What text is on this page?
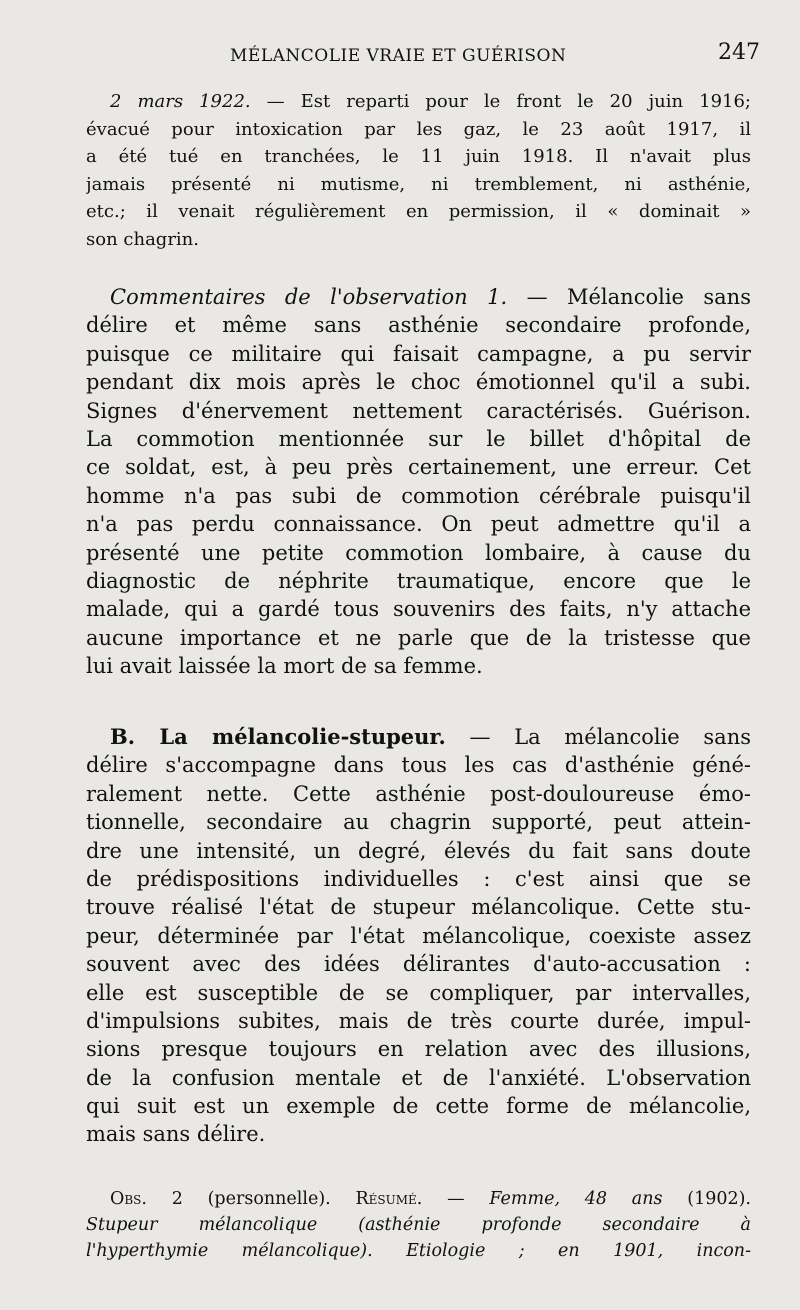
MÉLANCOLIE VRAIE ET GUÉRISON	247
2 mars 1922. — Est reparti pour le front le 20 juin 1916;
évacué pour intoxication par les gaz, le 23 août 1917, il
a été tué en tranchées, le 11 juin 1918. Il n'avait plus
jamais présenté ni mutisme, ni tremblement, ni asthénie,
etc.; il venait régulièrement en permission, il « dominait »
son chagrin.
Commentaires de l'observation 1. — Mélancolie sans
délire et même sans asthénie secondaire profonde,
puisque ce militaire qui faisait campagne, a pu servir
pendant dix mois après le choc émotionnel qu'il a subi.
Signes d'énervement nettement caractérisés. Guérison.
La commotion mentionnée sur le billet d'hôpital de
ce soldat, est, à peu près certainement, une erreur. Cet
homme n'a pas subi de commotion cérébrale puisqu'il
n'a pas perdu connaissance. On peut admettre qu'il a
présenté une petite commotion lombaire, à cause du
diagnostic de néphrite traumatique, encore que le
malade, qui a gardé tous souvenirs des faits, n'y attache
aucune importance et ne parle que de la tristesse que
lui avait laissée la mort de sa femme.
B. La mélancolie-stupeur. — La mélancolie sans
délire s'accompagne dans tous les cas d'asthénie géné-
ralement nette. Cette asthénie post-douloureuse émo-
tionnelle, secondaire au chagrin supporté, peut attein-
dre une intensité, un degré, élevés du fait sans doute
de prédispositions individuelles : c'est ainsi que se
trouve réalisé l'état de stupeur mélancolique. Cette stu-
peur, déterminée par l'état mélancolique, coexiste assez
souvent avec des idées délirantes d'auto-accusation :
elle est susceptible de se compliquer, par intervalles,
d'impulsions subites, mais de très courte durée, impul-
sions presque toujours en relation avec des illusions,
de la confusion mentale et de l'anxiété. L'observation
qui suit est un exemple de cette forme de mélancolie,
mais sans délire.
Obs. 2 (personnelle). Résumé. — Femme, 48 ans (1902).
Stupeur mélancolique (asthénie profonde secondaire à
l'hyperthymie mélancolique). Etiologie ; en 1901, incon-
